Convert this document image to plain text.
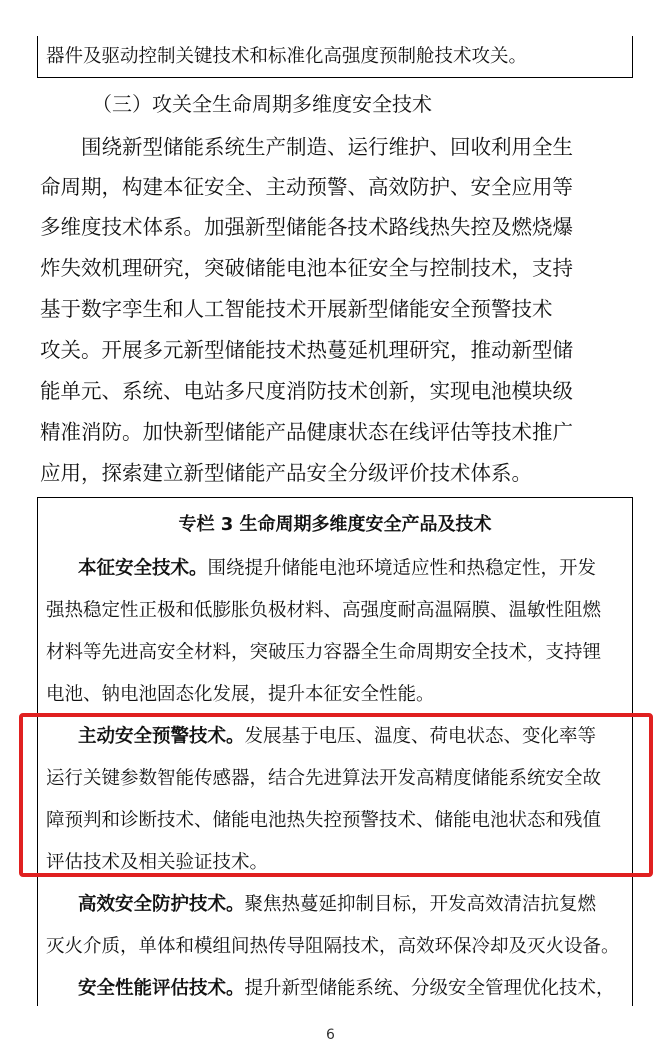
器件及驱动控制关键技术和标准化高强度预制舱技术攻关。

（三）攻关全生命周期多维度安全技术

　　围绕新型储能系统生产制造、运行维护、回收利用全生

命周期，构建本征安全、主动预警、高效防护、安全应用等

多维度技术体系。加强新型储能各技术路线热失控及燃烧爆

炸失效机理研究，突破储能电池本征安全与控制技术，支持

基于数字孪生和人工智能技术开展新型储能安全预警技术

攻关。开展多元新型储能技术热蔓延机理研究，推动新型储

能单元、系统、电站多尺度消防技术创新，实现电池模块级

精准消防。加快新型储能产品健康状态在线评估等技术推广

应用，探索建立新型储能产品安全分级评价技术体系。

专栏 3 生命周期多维度安全产品及技术

本征安全技术。围绕提升储能电池环境适应性和热稳定性，开发

强热稳定性正极和低膨胀负极材料、高强度耐高温隔膜、温敏性阻燃

材料等先进高安全材料，突破压力容器全生命周期安全技术，支持锂

电池、钠电池固态化发展，提升本征安全性能。

主动安全预警技术。发展基于电压、温度、荷电状态、变化率等

运行关键参数智能传感器，结合先进算法开发高精度储能系统安全故

障预判和诊断技术、储能电池热失控预警技术、储能电池状态和残值

评估技术及相关验证技术。

高效安全防护技术。聚焦热蔓延抑制目标，开发高效清洁抗复燃

灭火介质，单体和模组间热传导阻隔技术，高效环保冷却及灭火设备。

安全性能评估技术。提升新型储能系统、分级安全管理优化技术，

6
